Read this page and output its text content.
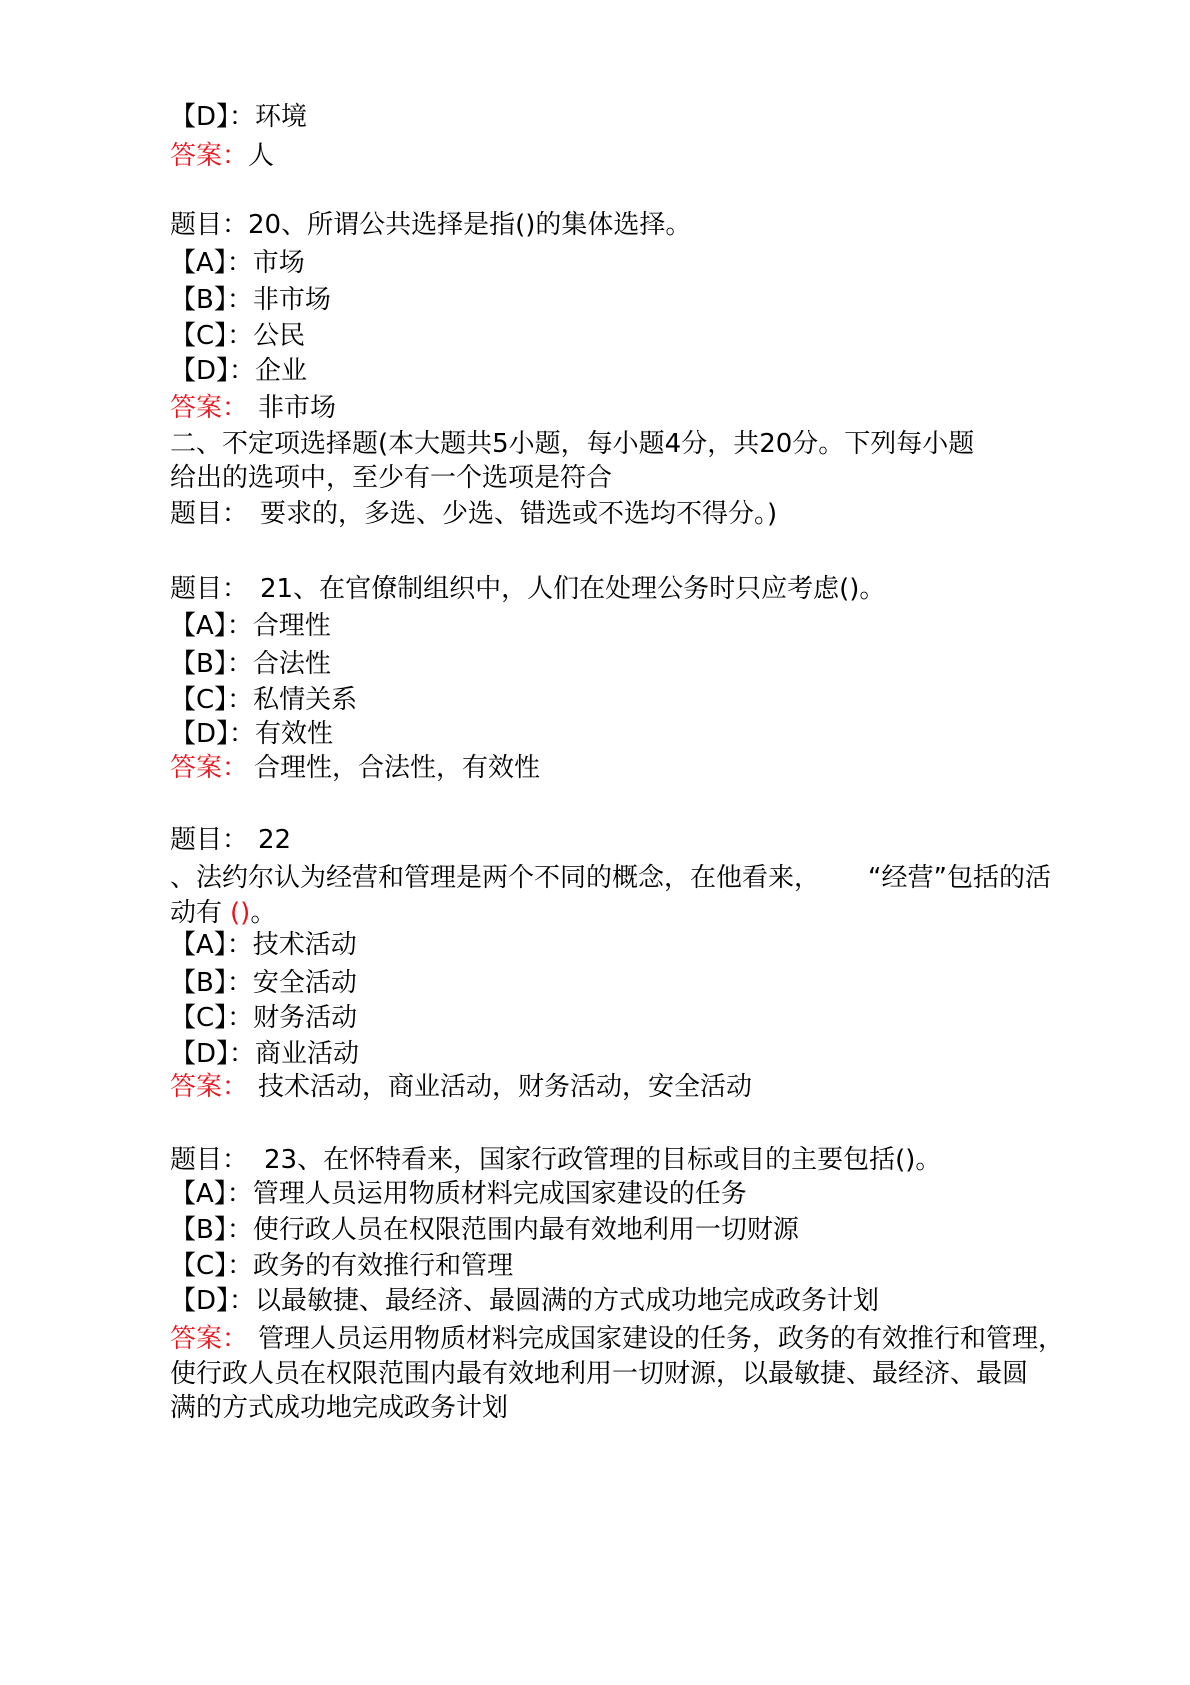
【D】：环境
答案：人
题目：20、所谓公共选择是指()的集体选择。
【A】：市场
【B】：非市场
【C】：公民
【D】：企业
答案： 非市场
二、不定项选择题(本大题共5小题，每小题4分，共20分。下列每小题
给出的选项中，至少有一个选项是符合
题目： 要求的，多选、少选、错选或不选均不得分。)
题目： 21、在官僚制组织中，人们在处理公务时只应考虑()。
【A】：合理性
【B】：合法性
【C】：私情关系
【D】：有效性
答案： 合理性，合法性，有效性
题目： 22
、法约尔认为经营和管理是两个不同的概念，在他看来， “经营”包括的活
动有 ()。
【A】：技术活动
【B】：安全活动
【C】：财务活动
【D】：商业活动
答案： 技术活动，商业活动，财务活动，安全活动
题目： 23、在怀特看来，国家行政管理的目标或目的主要包括()。
【A】：管理人员运用物质材料完成国家建设的任务
【B】：使行政人员在权限范围内最有效地利用一切财源
【C】：政务的有效推行和管理
【D】：以最敏捷、最经济、最圆满的方式成功地完成政务计划
答案： 管理人员运用物质材料完成国家建设的任务，政务的有效推行和管理，
使行政人员在权限范围内最有效地利用一切财源，以最敏捷、最经济、最圆
满的方式成功地完成政务计划
